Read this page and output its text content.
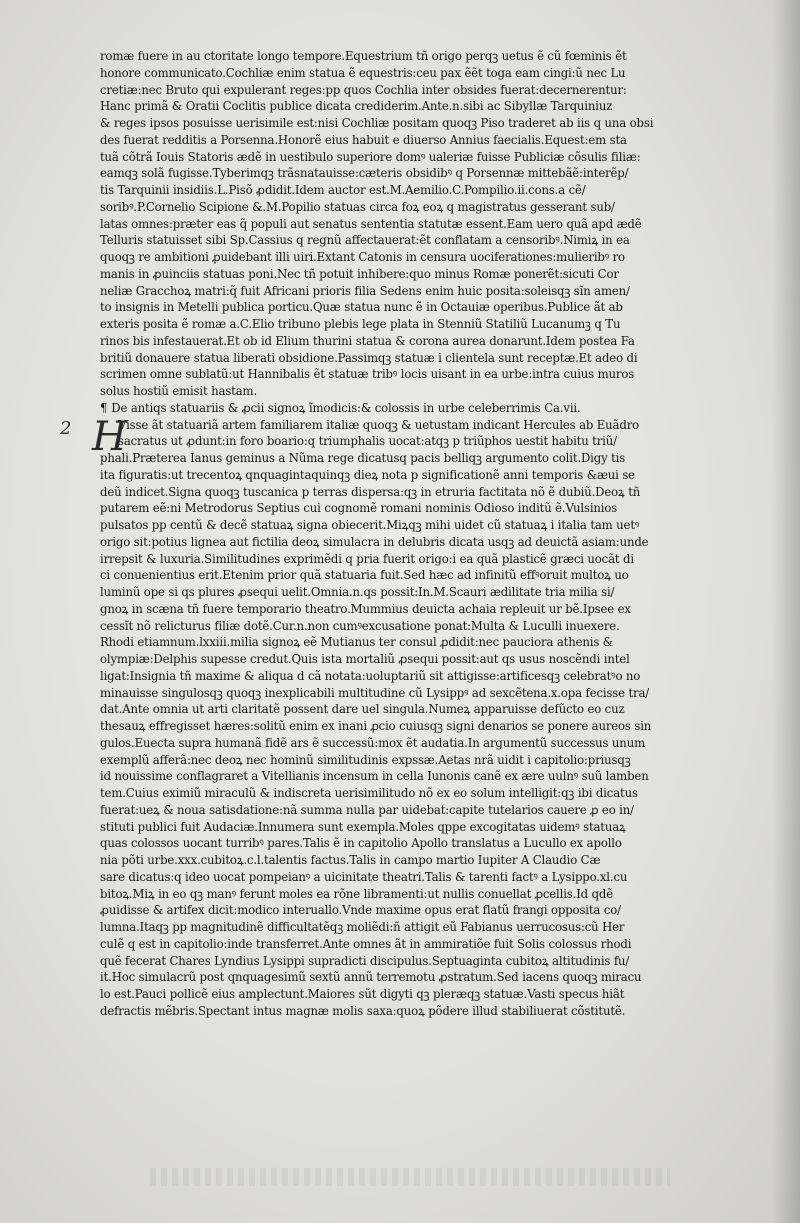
2
romæ fuere in au ctoritate longo tempore.Equestrium tñ origo perqꝫ uetus ẽ cũ fœminis ẽt
honore communicato.Cochliæ enim statua ẽ equestris:ceu pax ẽẽt toga eam cingi:ũ nec Lu
cretiæ:nec Bruto qui expulerant reges:pp quos Cochlia inter obsides fuerat:decernerentur:
Hanc primã & Oratii Coclitis publice dicata crediderim.Ante.n.sibi ac Sibyllæ Tarquiniuz
& reges ipsos posuisse uerisimile est:nisi Cochliæ positam quoqꝫ Piso traderet ab iis q una obsi
des fuerat redditis a Porsenna.Honorẽ eius habuit e diuerso Annius faecialis.Equest:em sta
tuã cõtrã Iouis Statoris ædẽ in uestibulo superiore domꝰ ualeriæ fuisse Publiciæ cõsulis filiæ:
eamqꝫ solã fugisse.Tyberimqꝫ trãsnatauisse:cæteris obsidibꝰ q Porsennæ mittebãẽ:interẽp/
tis Tarquinii insidiis.L.Pisõ ꝓdidit.Idem auctor est.M.Aemilio.C.Pompilio.ii.cons.a cẽ/
soribꝰ.P.Cornelio Scipione &.M.Popilio statuas circa foꝝ eoꝝ q magistratus gesserant sub/
latas omnes:præter eas q̃ populi aut senatus sententia statutæ essent.Eam uero quã apd ædẽ
Telluris statuisset sibi Sp.Cassius q regnũ affectauerat:ẽt conflatam a censoribꝰ.Nimiꝝ in ea
quoqꝫ re ambitioni ꝓuidebant illi uiri.Extant Catonis in censura uociferationes:mulieribꝰ ro
manis in ꝓuinciis statuas poni.Nec tñ potuit inhibere:quo minus Romæ ponerẽt:sicuti Cor
neliæ Gracchoꝝ matri:q̃ fuit Africani prioris filia Sedens enim huic posita:soleisqꝫ sĩn amen/
to insignis in Metelli publica porticu.Quæ statua nunc ẽ in Octauiæ operibus.Publice ãt ab
exteris posita ẽ romæ a.C.Elio tribuno plebis lege plata in Stenniũ Statiliũ Lucanumꝫ q Tu
rinos bis infestauerat.Et ob id Elium thurini statua & corona aurea donarunt.Idem postea Fa
britiũ donauere statua liberati obsidione.Passimqꝫ statuæ i clientela sunt receptæ.Et adeo di
scrimen omne sublatũ:ut Hannibalis ẽt statuæ tribꝰ locis uisant in ea urbe:intra cuius muros
solus hostiũ emisit hastam.
¶ De antiqs statuariis & ꝓcii signoꝝ ĩmodicis:& colossis in urbe celeberrimis Ca.vii.
H
Visse ãt statuariã artem familiarem italiæ quoqꝫ & uetustam indicant Hercules ab Euãdro
sacratus ut ꝓdunt:in foro boario:q triumphalis uocat:atqꝫ p triũphos uestit habitu triũ/
phali.Præterea Ianus geminus a Nũma rege dicatusq pacis belliqꝫ argumento colit.Digy tis
ita figuratis:ut trecentoꝝ qnquagintaquinqꝫ dieꝝ nota p significationẽ anni temporis &æui se
deũ indicet.Signa quoqꝫ tuscanica p terras dispersa:qꝫ in etruria factitata nõ ẽ dubiũ.Deoꝝ tñ
putarem eẽ:ni Metrodorus Septius cui cognomẽ romani nominis Odioso inditũ ẽ.Vulsinios
pulsatos pp centũ & decẽ statuaꝝ signa obiecerit.Miꝝqꝫ mihi uidet cũ statuaꝝ i italia tam uetꝰ
origo sit:potius lignea aut fictilia deoꝝ simulacra in delubris dicata usqꝫ ad deuictã asiam:unde
irrepsit & luxuria.Similitudines exprimẽdi q pria fuerit origo:i ea quã plasticẽ græci uocãt di
ci conuenientius erit.Etenim prior quã statuaria fuit.Sed hæc ad infinitũ effꝰoruit multoꝝ uo
luminũ ope si qs plures ꝓsequi uelit.Omnia.n.qs possit:In.M.Scauri ædilitate tria milia si/
gnoꝝ in scæna tñ fuere temporario theatro.Mummius deuicta achaia repleuit ur bẽ.Ipsee ex
cessĩt nõ relicturus filiæ dotẽ.Cur.n.non cumꝰexcusatione ponat:Multa & Luculli inuexere.
Rhodi etiamnum.lxxiii.milia signoꝝ eẽ Mutianus ter consul ꝓdidit:nec pauciora athenis &
olympiæ:Delphis supesse credut.Quis ista mortaliũ ꝓsequi possit:aut qs usus noscẽndi intel
ligat:Insignia tñ maxime & aliqua d cã notata:uoluptariũ sit attigisse:artificesqꝫ celebratꝰo no
minauisse singulosqꝫ quoqꝫ inexplicabili multitudine cũ Lysippꝰ ad sexcẽtena.x.opa fecisse tra/
dat.Ante omnia ut arti claritatẽ possent dare uel singula.Numeꝝ apparuisse defũcto eo cuz
thesauꝝ effregisset hæres:solitũ enim ex inani ꝓcio cuiusqꝫ signi denarios se ponere aureos sin
gulos.Euecta supra humanã fidẽ ars ẽ successũ:mox ẽt audatia.In argumentũ successus unum
exemplũ afferã:nec deoꝝ nec hominũ similitudinis expssæ.Aetas nrã uidit i capitolio:priusqꝫ
id nouissime conflagraret a Vitellianis incensum in cella Iunonis canẽ ex ære uulnꝰ suũ lamben
tem.Cuius eximiũ miraculũ & indiscreta uerisimilitudo nõ ex eo solum intelligit:qꝫ ibi dicatus
fuerat:ueꝝ & noua satisdatione:nã summa nulla par uidebat:capite tutelarios cauere ꝓ eo in/
stituti publici fuit Audaciæ.Innumera sunt exempla.Moles qppe excogitatas uidemꝰ statuaꝝ
quas colossos uocant turribꝰ pares.Talis ẽ in capitolio Apollo translatus a Lucullo ex apollo
nia põti urbe.xxx.cubitoꝝ.c.l.talentis factus.Talis in campo martio Iupiter A Claudio Cæ
sare dicatus:q ideo uocat pompeianꝰ a uicinitate theatri.Talis & tarenti factꝰ a Lysippo.xl.cu
bitoꝝ.Miꝝ in eo qꝫ manꝰ ferunt moles ea rõne libramenti:ut nullis conuellat ꝓcellis.Id qdẽ
ꝓuidisse & artifex dicit:modico interuallo.Vnde maxime opus erat flatũ frangi opposita co/
lumna.Itaqꝫ pp magnitudinẽ difficultatẽqꝫ moliẽdi:ñ attigit eũ Fabianus uerrucosus:cũ Her
culẽ q est in capitolio:inde transferret.Ante omnes ãt in ammiratiõe fuit Solis colossus rhodi
quẽ fecerat Chares Lyndius Lysippi supradicti discipulus.Septuaginta cubitoꝝ altitudinis fu/
it.Hoc simulacrũ post qnquagesimũ sextũ annũ terremotu ꝓstratum.Sed iacens quoqꝫ miracu
lo est.Pauci pollicẽ eius amplectunt.Maiores sũt digyti qꝫ pleræqꝫ statuæ.Vasti specus hiãt
defractis mẽbris.Spectant intus magnæ molis saxa:quoꝝ põdere illud stabiliuerat cõstitutẽ.
